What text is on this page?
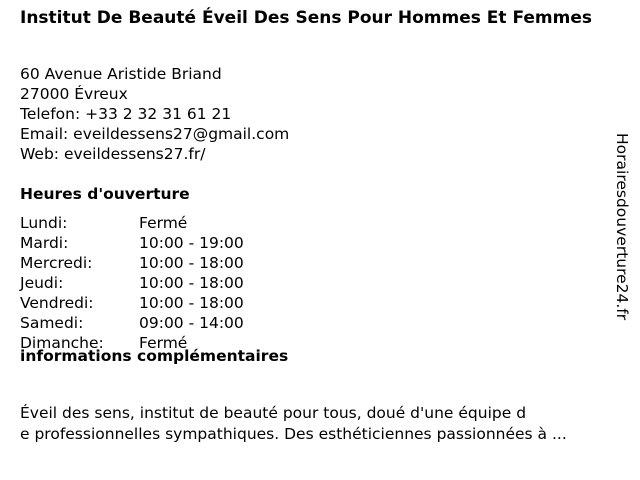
Institut De Beauté Éveil Des Sens Pour Hommes Et Femmes
60 Avenue Aristide Briand
27000 Évreux
Telefon: +33 2 32 31 61 21
Email: eveildessens27@gmail.com
Web: eveildessens27.fr/
Heures d'ouverture
Lundi:	Fermé
Mardi:	10:00 - 19:00
Mercredi:	10:00 - 18:00
Jeudi:	10:00 - 18:00
Vendredi:	10:00 - 18:00
Samedi:	09:00 - 14:00
Dimanche:	Fermé
informations complémentaires
Éveil des sens, institut de beauté pour tous, doué d'une équipe d
e professionnelles sympathiques. Des esthéticiennes passionnées à ...
Horairesdouverture24.fr
